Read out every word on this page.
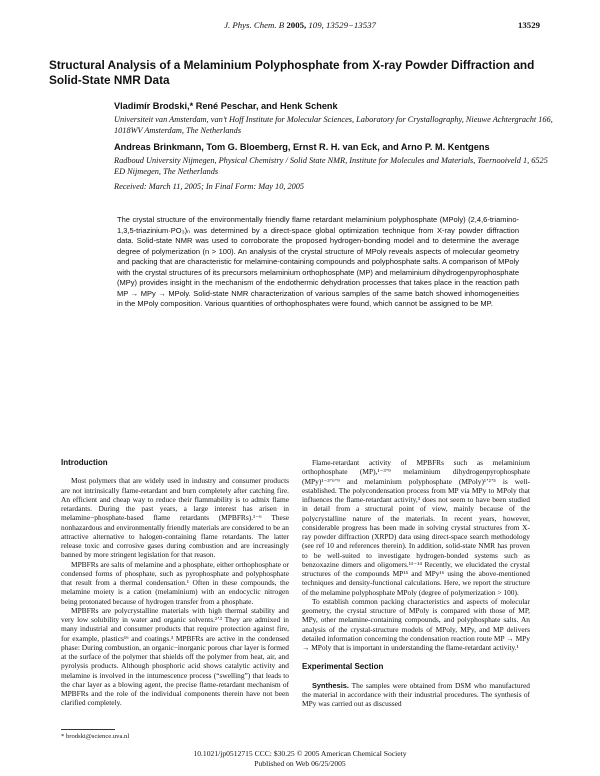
J. Phys. Chem. B 2005, 109, 13529−13537	13529
Structural Analysis of a Melaminium Polyphosphate from X-ray Powder Diffraction and Solid-State NMR Data
Vladimír Brodski,* René Peschar, and Henk Schenk
Universiteit van Amsterdam, van’t Hoff Institute for Molecular Sciences, Laboratory for Crystallography, Nieuwe Achtergracht 166, 1018WV Amsterdam, The Netherlands
Andreas Brinkmann, Tom G. Bloemberg, Ernst R. H. van Eck, and Arno P. M. Kentgens
Radboud University Nijmegen, Physical Chemistry / Solid State NMR, Institute for Molecules and Materials, Toernooiveld 1, 6525 ED Nijmegen, The Netherlands
Received: March 11, 2005; In Final Form: May 10, 2005

The crystal structure of the environmentally friendly flame retardant melaminium polyphosphate (MPoly) (2,4,6-triamino-1,3,5-triazinium·PO₃)ₙ was determined by a direct-space global optimization technique from X-ray powder diffraction data. Solid-state NMR was used to corroborate the proposed hydrogen-bonding model and to determine the average degree of polymerization (n > 100). An analysis of the crystal structure of MPoly reveals aspects of molecular geometry and packing that are characteristic for melamine-containing compounds and polyphosphate salts. A comparison of MPoly with the crystal structures of its precursors melaminium orthophosphate (MP) and melaminium dihydrogenpyrophosphate (MPy) provides insight in the mechanism of the endothermic dehydration processes that takes place in the reaction path MP → MPy → MPoly. Solid-state NMR characterization of various samples of the same batch showed inhomogeneities in the MPoly composition. Various quantities of orthophosphates were found, which cannot be assigned to be MP.

Introduction

Most polymers that are widely used in industry and consumer products are not intrinsically flame-retardant and burn completely after catching fire. An efficient and cheap way to reduce their flammability is to admix flame retardants. During the past years, a large interest has arisen in melamine−phosphate-based flame retardants (MPBFRs).¹⁻⁶ These nonhazardous and environmentally friendly materials are considered to be an attractive alternative to halogen-containing flame retardants. The latter release toxic and corrosive gases during combustion and are increasingly banned by more stringent legislation for that reason.

MPBFRs are salts of melamine and a phosphate, either orthophosphate or condensed forms of phosphate, such as pyrophosphate and polyphosphate that result from a thermal condensation.¹ Often in these compounds, the melamine moiety is a cation (melaminium) with an endocyclic nitrogen being protonated because of hydrogen transfer from a phosphate.

MPBFRs are polycrystalline materials with high thermal stability and very low solubility in water and organic solvents.²ʼ³ They are admixed in many industrial and consumer products that require protection against fire, for example, plastics¹⁶ and coatings.³ MPBFRs are active in the condensed phase: During combustion, an organic−inorganic porous char layer is formed at the surface of the polymer that shields off the polymer from heat, air, and pyrolysis products. Although phosphoric acid shows catalytic activity and melamine is involved in the intumescence process (“swelling”) that leads to the char layer as a blowing agent, the precise flame-retardant mechanism of MPBFRs and the role of the individual components therein have not been clarified completely.

Flame-retardant activity of MPBFRs such as melaminium orthophosphate (MP),¹⁻³ʼ⁹ melaminium dihydrogenpyrophosphate (MPy)¹⁻³ʼ⁶ʼ⁹ and melaminium polyphosphate (MPoly)¹ʼ²ʼ⁵ is well-established. The polycondensation process from MP via MPy to MPoly that influences the flame-retardant activity,³ does not seem to have been studied in detail from a structural point of view, mainly because of the polycrystalline nature of the materials. In recent years, however, considerable progress has been made in solving crystal structures from X-ray powder diffraction (XRPD) data using direct-space search methodology (see ref 10 and references therein). In addition, solid-state NMR has proven to be well-suited to investigate hydrogen-bonded systems such as benzoxazine dimers and oligomers.¹¹⁻¹⁴ Recently, we elucidated the crystal structures of the compounds MP¹⁵ and MPy¹⁶ using the above-mentioned techniques and density-functional calculations. Here, we report the structure of the melamine polyphosphate MPoly (degree of polymerization > 100).

To establish common packing characteristics and aspects of molecular geometry, the crystal structure of MPoly is compared with those of MP, MPy, other melamine-containing compounds, and polyphosphate salts. An analysis of the crystal-structure models of MPoly, MPy, and MP delivers detailed information concerning the condensation reaction route MP → MPy → MPoly that is important in understanding the flame-retardant activity.¹

Experimental Section

Synthesis. The samples were obtained from DSM who manufactured the material in accordance with their industrial procedures. The synthesis of MPy was carried out as discussed

* brodski@science.uva.nl
10.1021/jp0512715 CCC: $30.25 © 2005 American Chemical Society
Published on Web 06/25/2005
